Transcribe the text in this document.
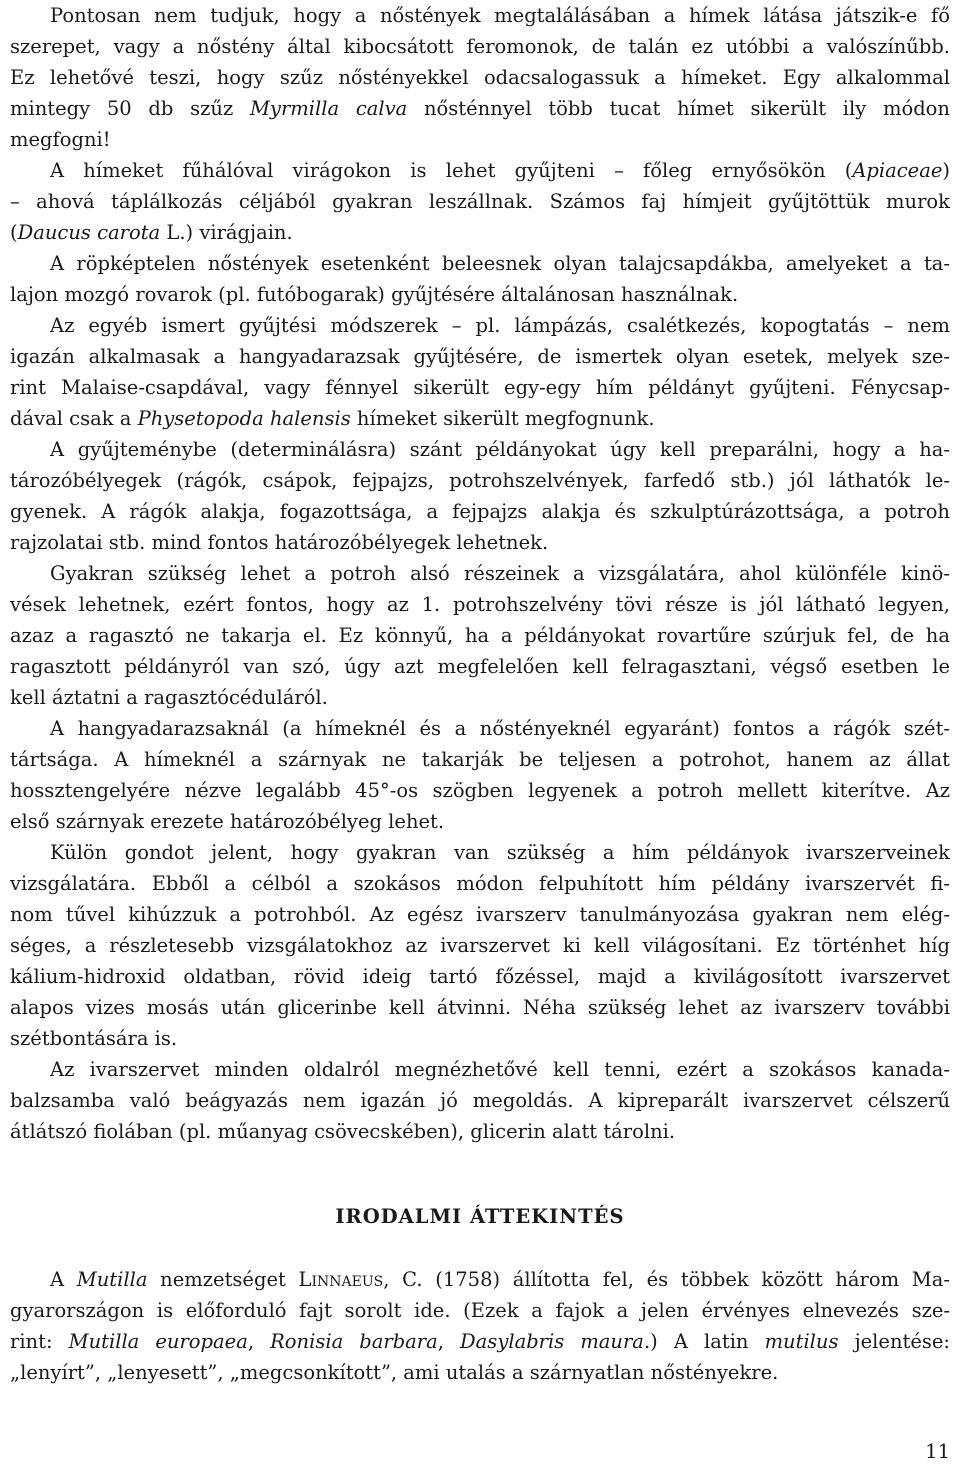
Pontosan nem tudjuk, hogy a nőstények megtalálásában a hímek látása játszik-e fő
szerepet, vagy a nőstény által kibocsátott feromonok, de talán ez utóbbi a valószínűbb.
Ez lehetővé teszi, hogy szűz nőstényekkel odacsalogassuk a hímeket. Egy alkalommal
mintegy 50 db szűz Myrmilla calva nősténnyel több tucat hímet sikerült ily módon
megfogni!
A hímeket fűhálóval virágokon is lehet gyűjteni – főleg ernyősökön (Apiaceae)
– ahová táplálkozás céljából gyakran leszállnak. Számos faj hímjeit gyűjtöttük murok
(Daucus carota L.) virágjain.
A röpképtelen nőstények esetenként beleesnek olyan talajcsapdákba, amelyeket a ta-
lajon mozgó rovarok (pl. futóbogarak) gyűjtésére általánosan használnak.
Az egyéb ismert gyűjtési módszerek – pl. lámpázás, csalétkezés, kopogtatás – nem
igazán alkalmasak a hangyadarazsak gyűjtésére, de ismertek olyan esetek, melyek sze-
rint Malaise-csapdával, vagy fénnyel sikerült egy-egy hím példányt gyűjteni. Fénycsap-
dával csak a Physetopoda halensis hímeket sikerült megfognunk.
A gyűjteménybe (determinálásra) szánt példányokat úgy kell preparálni, hogy a ha-
tározóbélyegek (rágók, csápok, fejpajzs, potrohszelvények, farfedő stb.) jól láthatók le-
gyenek. A rágók alakja, fogazottsága, a fejpajzs alakja és szkulptúrázottsága, a potroh
rajzolatai stb. mind fontos határozóbélyegek lehetnek.
Gyakran szükség lehet a potroh alsó részeinek a vizsgálatára, ahol különféle kinö-
vések lehetnek, ezért fontos, hogy az 1. potrohszelvény tövi része is jól látható legyen,
azaz a ragasztó ne takarja el. Ez könnyű, ha a példányokat rovartűre szúrjuk fel, de ha
ragasztott példányról van szó, úgy azt megfelelően kell felragasztani, végső esetben le
kell áztatni a ragasztócéduláról.
A hangyadarazsaknál (a hímeknél és a nőstényeknél egyaránt) fontos a rágók szét-
tártsága. A hímeknél a szárnyak ne takarják be teljesen a potrohot, hanem az állat
hossztengelyére nézve legalább 45°-os szögben legyenek a potroh mellett kiterítve. Az
első szárnyak erezete határozóbélyeg lehet.
Külön gondot jelent, hogy gyakran van szükség a hím példányok ivarszerveinek
vizsgálatára. Ebből a célból a szokásos módon felpuhított hím példány ivarszervét fi-
nom tűvel kihúzzuk a potrohból. Az egész ivarszerv tanulmányozása gyakran nem elég-
séges, a részletesebb vizsgálatokhoz az ivarszervet ki kell világosítani. Ez történhet híg
kálium-hidroxid oldatban, rövid ideig tartó főzéssel, majd a kivilágosított ivarszervet
alapos vizes mosás után glicerinbe kell átvinni. Néha szükség lehet az ivarszerv további
szétbontására is.
Az ivarszervet minden oldalról megnézhetővé kell tenni, ezért a szokásos kanada-
balzsamba való beágyazás nem igazán jó megoldás. A kipreparált ivarszervet célszerű
átlátszó fiolában (pl. műanyag csövecskében), glicerin alatt tárolni.
IRODALMI ÁTTEKINTÉS
A Mutilla nemzetséget Linnaeus, C. (1758) állította fel, és többek között három Ma-
gyarországon is előforduló fajt sorolt ide. (Ezek a fajok a jelen érvényes elnevezés sze-
rint: Mutilla europaea, Ronisia barbara, Dasylabris maura.) A latin mutilus jelentése:
„lenyírt”, „lenyesett”, „megcsonkított”, ami utalás a szárnyatlan nőstényekre.
11
